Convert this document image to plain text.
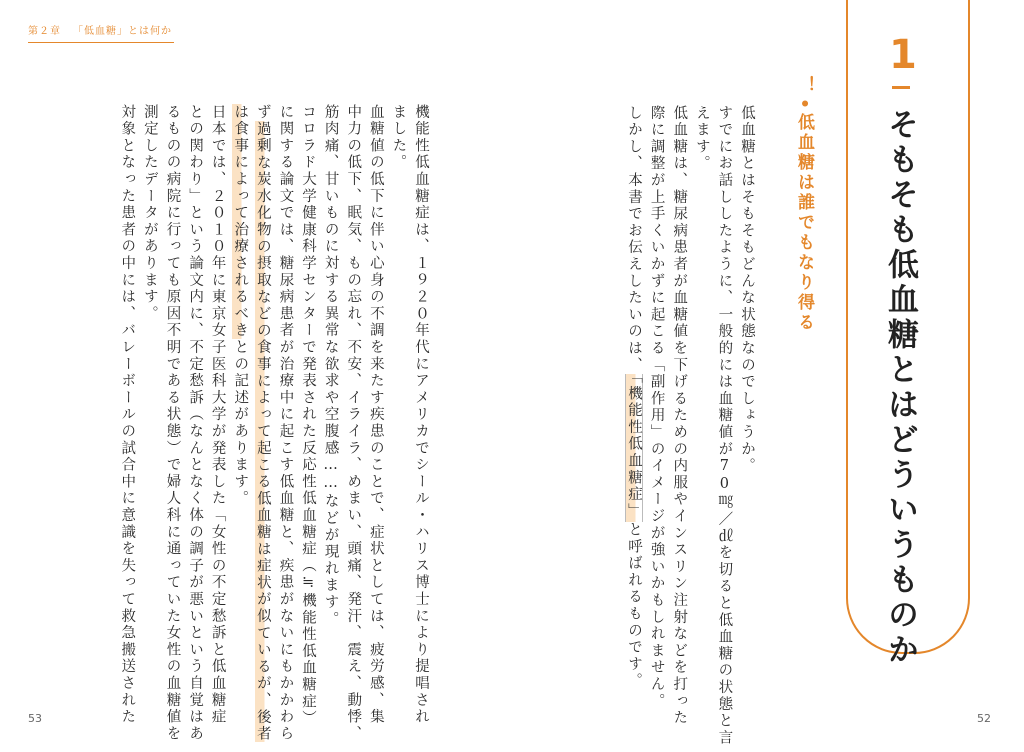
第２章 「低血糖」とは何か
機能性低血糖症は、１９２０年代にアメリカでシール・ハリス博士により提唱され
ました。
血糖値の低下に伴い心身の不調を来たす疾患のことで、症状としては、疲労感、集
中力の低下、眠気、もの忘れ、不安、イライラ、めまい、頭痛、発汗、震え、動悸、
筋肉痛、甘いものに対する異常な欲求や空腹感……などが現れます。
コロラド大学健康科学センターで発表された反応性低血糖症（≒機能性低血糖症）
に関する論文では、糖尿病患者が治療中に起こす低血糖と、疾患がないにもかかわら
ず過剰な炭水化物の摂取などの食事によって起こる低血糖は症状が似ているが、後者
は食事によって治療されるべきとの記述があります。
日本では、２０１０年に東京女子医科大学が発表した「女性の不定愁訴と低血糖症
との関わり」という論文内に、不定愁訴（なんとなく体の調子が悪いという自覚はあ
るものの病院に行っても原因不明である状態）で婦人科に通っていた女性の血糖値を
測定したデータがあります。
対象となった患者の中には、バレーボールの試合中に意識を失って救急搬送された	低血糖とはそもそもどんな状態なのでしょうか。
すでにお話ししたように、一般的には血糖値が70㎎／㎗を切ると低血糖の状態と言
えます。
低血糖は、糖尿病患者が血糖値を下げるための内服やインスリン注射などを打った
際に調整が上手くいかずに起こる「副作用」のイメージが強いかもしれません。
しかし、本書でお伝えしたいのは、「機能性低血糖症」と呼ばれるものです。
！•
低血糖は誰でもなり得る
1
そもそも低血糖とはどういうものか
53	52
